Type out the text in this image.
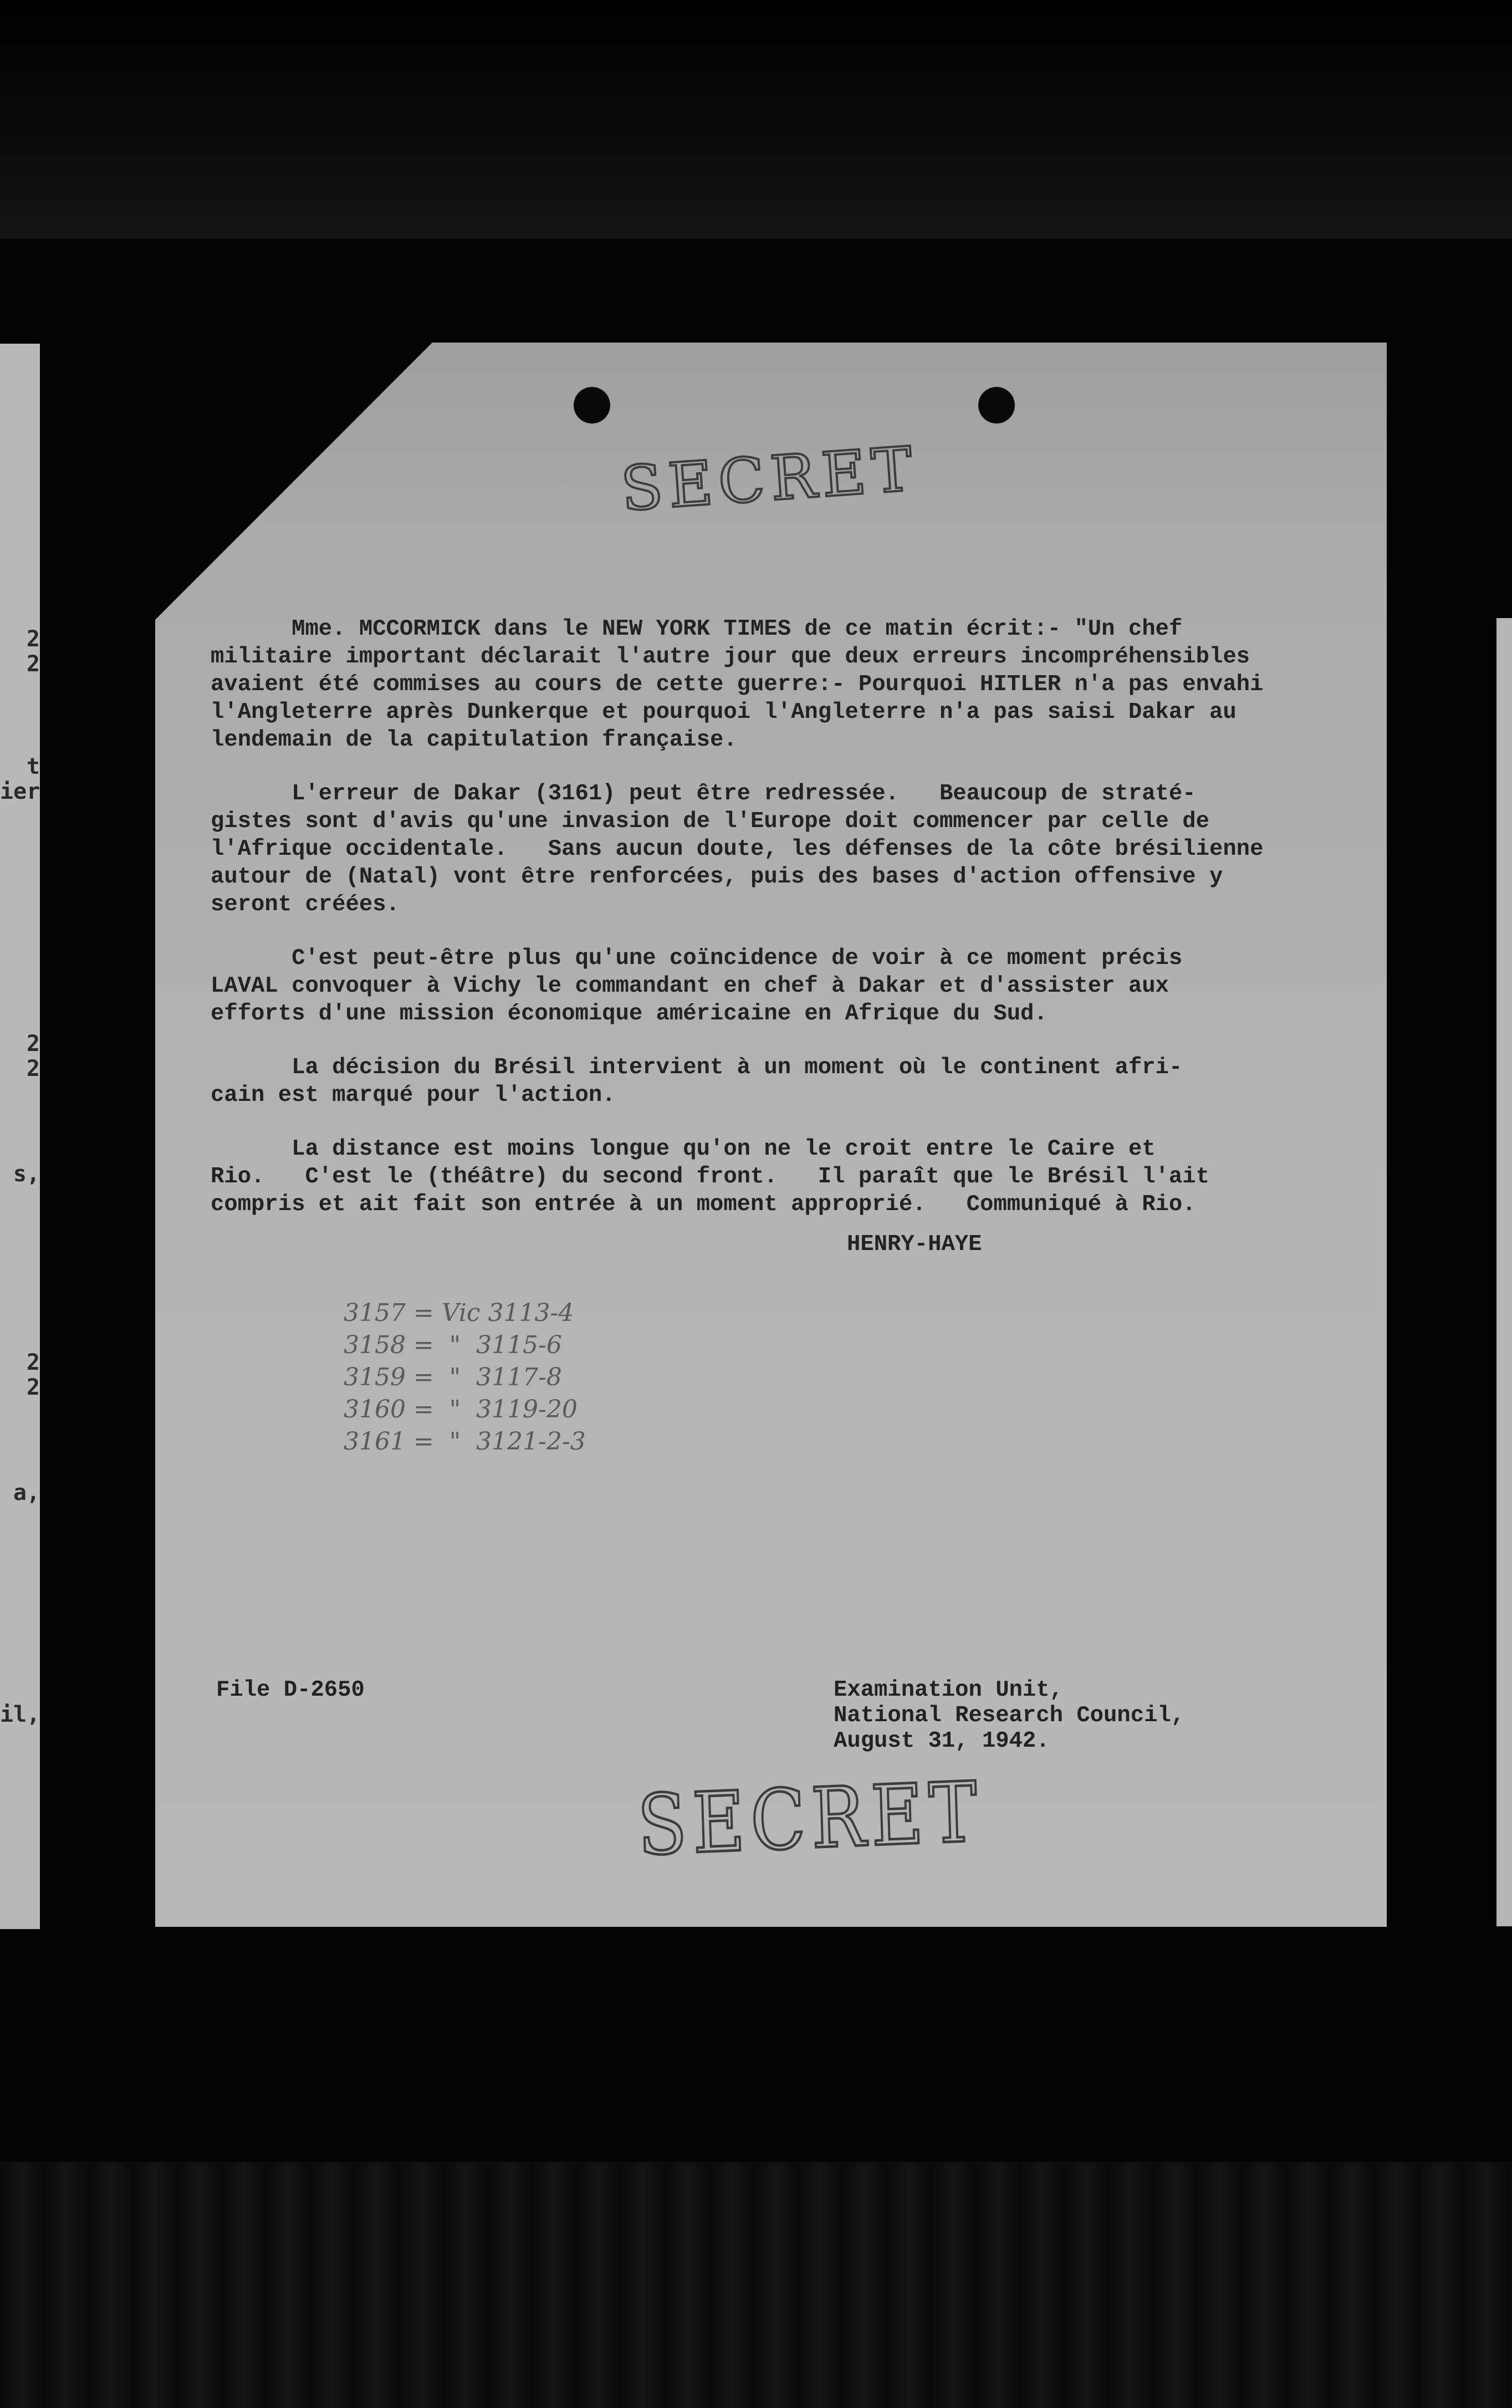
2
2
t
ier
2
2
s,
2
2
a,
il,
SECRET
Mme. MCCORMICK dans le NEW YORK TIMES de ce matin écrit:- "Un chef
militaire important déclarait l'autre jour que deux erreurs incompréhensibles
avaient été commises au cours de cette guerre:- Pourquoi HITLER n'a pas envahi
l'Angleterre après Dunkerque et pourquoi l'Angleterre n'a pas saisi Dakar au
lendemain de la capitulation française.
L'erreur de Dakar (3161) peut être redressée.   Beaucoup de straté-
gistes sont d'avis qu'une invasion de l'Europe doit commencer par celle de
l'Afrique occidentale.   Sans aucun doute, les défenses de la côte brésilienne
autour de (Natal) vont être renforcées, puis des bases d'action offensive y
seront créées.
C'est peut-être plus qu'une coïncidence de voir à ce moment précis
LAVAL convoquer à Vichy le commandant en chef à Dakar et d'assister aux
efforts d'une mission économique américaine en Afrique du Sud.
La décision du Brésil intervient à un moment où le continent afri-
cain est marqué pour l'action.
La distance est moins longue qu'on ne le croit entre le Caire et
Rio.   C'est le (théâtre) du second front.   Il paraît que le Brésil l'ait
compris et ait fait son entrée à un moment approprié.   Communiqué à Rio.
HENRY-HAYE
3157 = Vic 3113-4
3158 =  "  3115-6
3159 =  "  3117-8
3160 =  "  3119-20
3161 =  "  3121-2-3
File D-2650	Examination Unit,
National Research Council,
August 31, 1942.
SECRET
